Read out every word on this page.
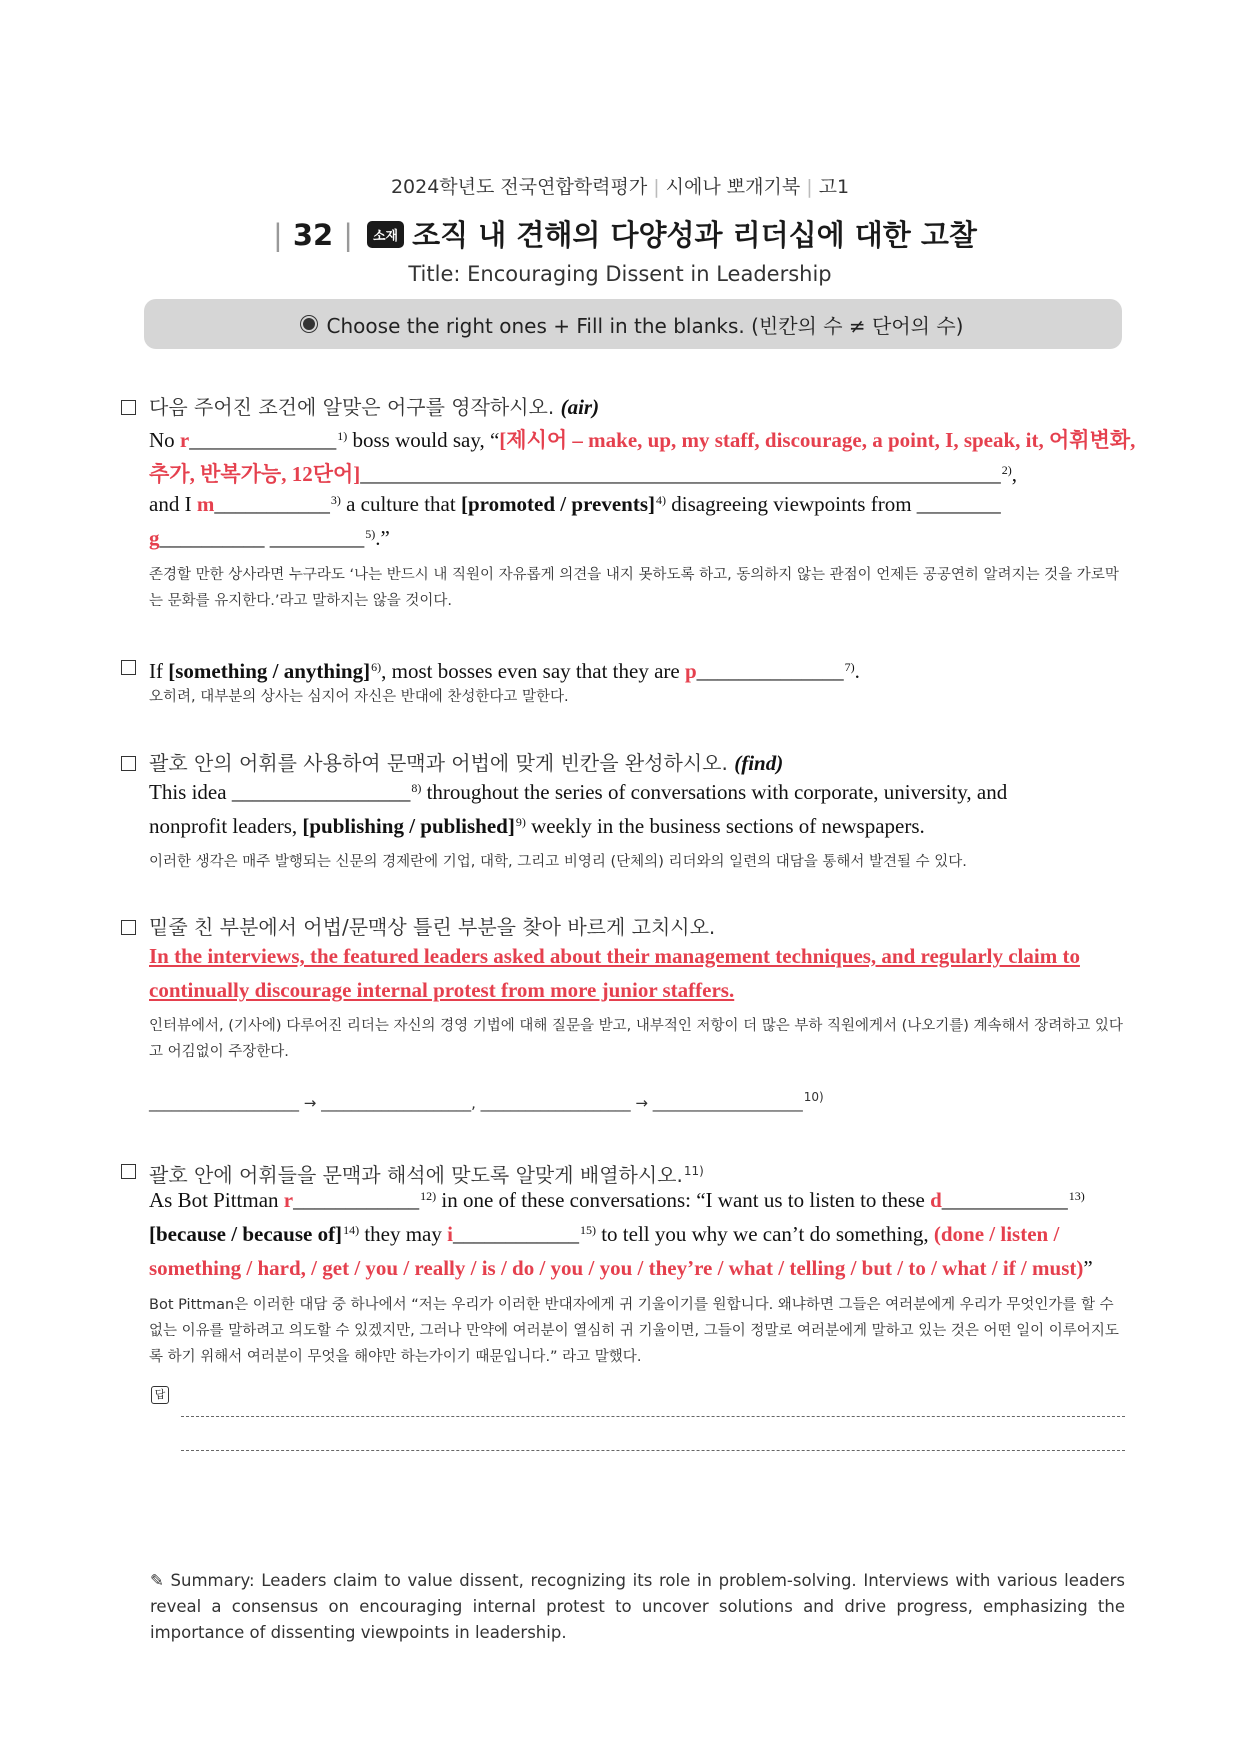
2024학년도 전국연합학력평가 | 시에나 뽀개기북 | 고1
| 32 | 소재 조직 내 견해의 다양성과 리더십에 대한 고찰
Title: Encouraging Dissent in Leadership
Choose the right ones + Fill in the blanks. (빈칸의 수 ≠ 단어의 수)
다음 주어진 조건에 알맞은 어구를 영작하시오. (air)
No r______________$^{1)}$ boss would say, “[제시어 – make, up, my staff, discourage, a point, I, speak, it, 어휘변화,
추가, 반복가능, 12단어]_____________________________________________________________$^{2)}$,
and I m___________$^{3)}$ a culture that [promoted / prevents]$^{4)}$ disagreeing viewpoints from ________
g__________ _________$^{5)}$.”
존경할 만한 상사라면 누구라도 ‘나는 반드시 내 직원이 자유롭게 의견을 내지 못하도록 하고, 동의하지 않는 관점이 언제든 공공연히 알려지는 것을 가로막는 문화를 유지한다.’라고 말하지는 않을 것이다.
If [something / anything]$^{6)}$, most bosses even say that they are p______________$^{7)}$.
오히려, 대부분의 상사는 심지어 자신은 반대에 찬성한다고 말한다.
괄호 안의 어휘를 사용하여 문맥과 어법에 맞게 빈칸을 완성하시오. (find)
This idea _________________$^{8)}$ throughout the series of conversations with corporate, university, and
nonprofit leaders, [publishing / published]$^{9)}$ weekly in the business sections of newspapers.
이러한 생각은 매주 발행되는 신문의 경제란에 기업, 대학, 그리고 비영리 (단체의) 리더와의 일련의 대담을 통해서 발견될 수 있다.
밑줄 친 부분에서 어법/문맥상 틀린 부분을 찾아 바르게 고치시오.
In the interviews, the featured leaders asked about their management techniques, and regularly claim to
continually discourage internal protest from more junior staffers.
인터뷰에서, (기사에) 다루어진 리더는 자신의 경영 기법에 대해 질문을 받고, 내부적인 저항이 더 많은 부하 직원에게서 (나오기를) 계속해서 장려하고 있다고 어김없이 주장한다.
____________________ → ____________________, ____________________ → ____________________$^{10)}$
괄호 안에 어휘들을 문맥과 해석에 맞도록 알맞게 배열하시오.$^{11)}$
As Bot Pittman r____________$^{12)}$ in one of these conversations: “I want us to listen to these d____________$^{13)}$
[because / because of]$^{14)}$ they may i____________$^{15)}$ to tell you why we can’t do something, (done / listen /
something / hard, / get / you / really / is / do / you / you / they’re / what / telling / but / to / what / if / must)”
Bot Pittman은 이러한 대담 중 하나에서 “저는 우리가 이러한 반대자에게 귀 기울이기를 원합니다. 왜냐하면 그들은 여러분에게 우리가 무엇인가를 할 수 없는 이유를 말하려고 의도할 수 있겠지만, 그러나 만약에 여러분이 열심히 귀 기울이면, 그들이 정말로 여러분에게 말하고 있는 것은 어떤 일이 이루어지도록 하기 위해서 여러분이 무엇을 해야만 하는가이기 때문입니다.” 라고 말했다.
답
✎ Summary: Leaders claim to value dissent, recognizing its role in problem-solving. Interviews with various leaders reveal a consensus on encouraging internal protest to uncover solutions and drive progress, emphasizing the importance of dissenting viewpoints in leadership.
